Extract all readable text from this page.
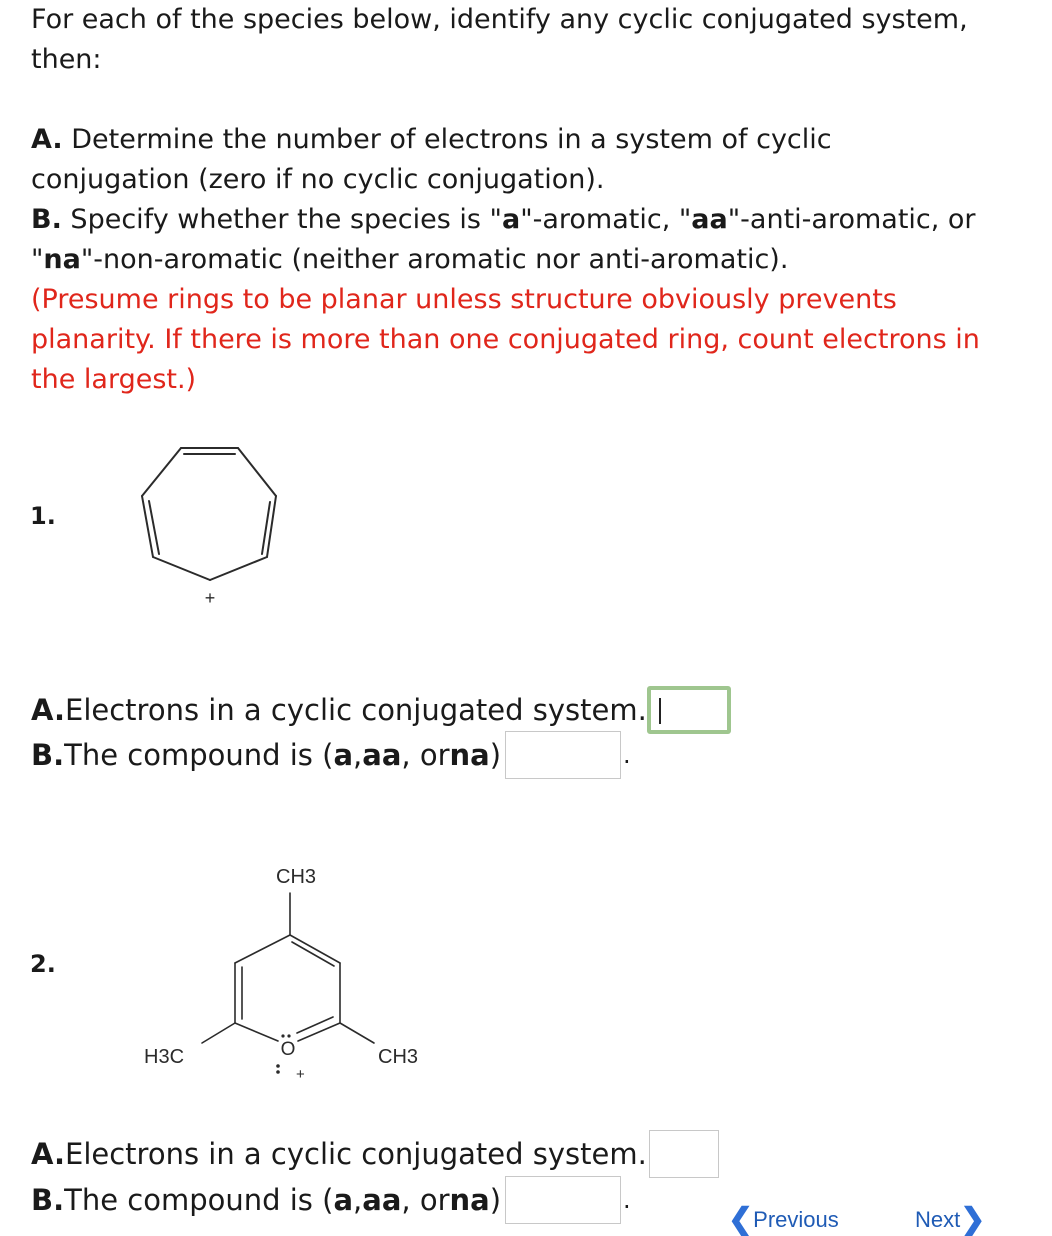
For each of the species below, identify any cyclic conjugated system, then:
A. Determine the number of electrons in a system of cyclic conjugation (zero if no cyclic conjugation).
B. Specify whether the species is "a"-aromatic, "aa"-anti-aromatic, or "na"-non-aromatic (neither aromatic nor anti-aromatic).
(Presume rings to be planar unless structure obviously prevents planarity. If there is more than one conjugated ring, count electrons in the largest.)
1.
+
A. Electrons in a cyclic conjugated system.
B. The compound is ( a , aa , or na )	.
2.
CH3
H3C	CH3
O
+
A. Electrons in a cyclic conjugated system.
B. The compound is ( a , aa , or na )	.
❮ Previous	Next ❯
